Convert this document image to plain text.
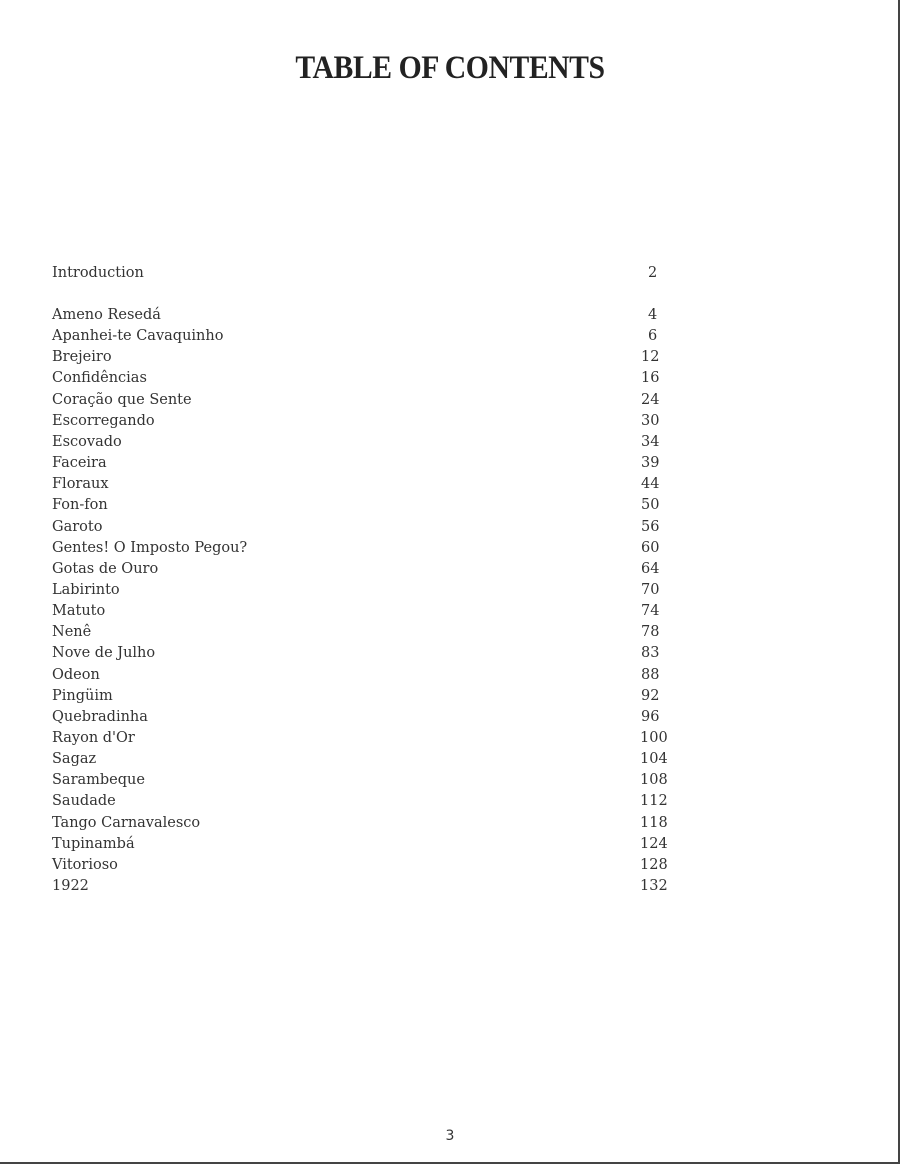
TABLE OF CONTENTS
Introduction	2
Ameno Resedá	4
Apanhei-te Cavaquinho	6
Brejeiro	12
Confidências	16
Coração que Sente	24
Escorregando	30
Escovado	34
Faceira	39
Floraux	44
Fon-fon	50
Garoto	56
Gentes! O Imposto Pegou?	60
Gotas de Ouro	64
Labirinto	70
Matuto	74
Nenê	78
Nove de Julho	83
Odeon	88
Pingüim	92
Quebradinha	96
Rayon d'Or	100
Sagaz	104
Sarambeque	108
Saudade	112
Tango Carnavalesco	118
Tupinambá	124
Vitorioso	128
1922	132
3
